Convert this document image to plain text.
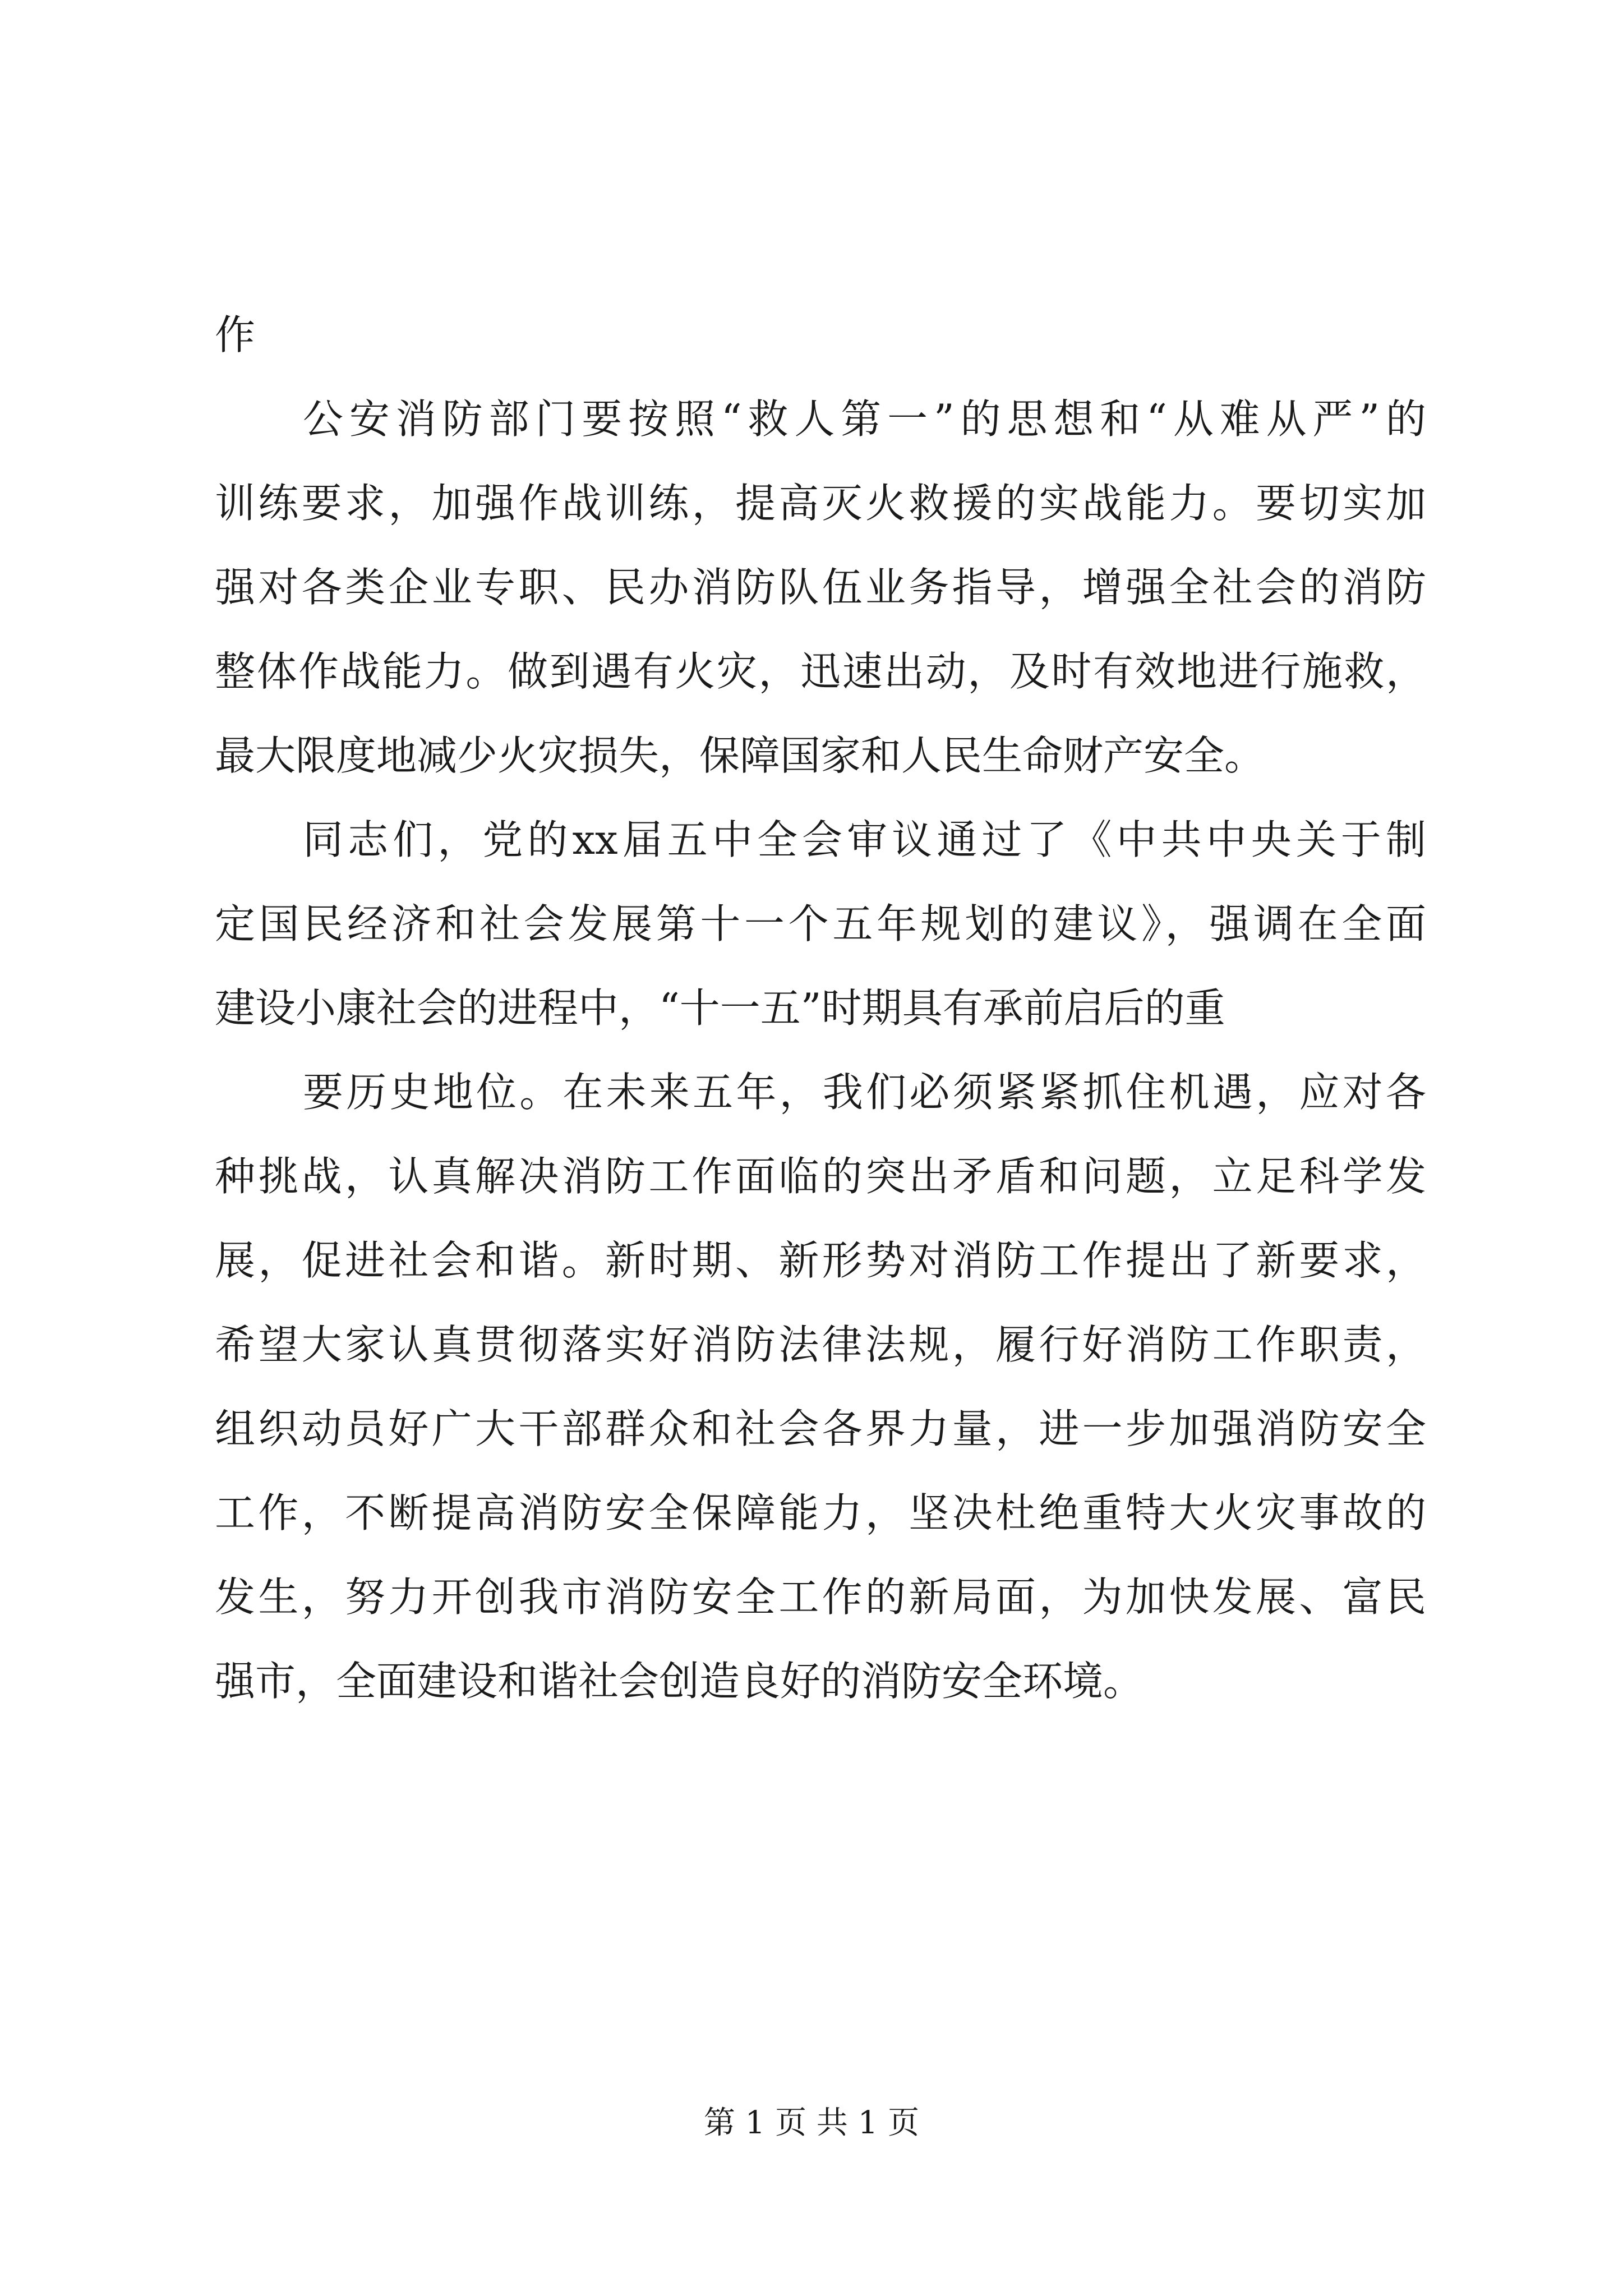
作
公安消防部门要按照“救人第一”的思想和“从难从严”的
训练要求，加强作战训练，提高灭火救援的实战能力。要切实加
强对各类企业专职、民办消防队伍业务指导，增强全社会的消防
整体作战能力。做到遇有火灾，迅速出动，及时有效地进行施救，
最大限度地减少火灾损失，保障国家和人民生命财产安全。
同志们，党的xx届五中全会审议通过了《中共中央关于制
定国民经济和社会发展第十一个五年规划的建议》，强调在全面
建设小康社会的进程中，“十一五”时期具有承前启后的重
要历史地位。在未来五年，我们必须紧紧抓住机遇，应对各
种挑战，认真解决消防工作面临的突出矛盾和问题，立足科学发
展，促进社会和谐。新时期、新形势对消防工作提出了新要求，
希望大家认真贯彻落实好消防法律法规，履行好消防工作职责，
组织动员好广大干部群众和社会各界力量，进一步加强消防安全
工作，不断提高消防安全保障能力，坚决杜绝重特大火灾事故的
发生，努力开创我市消防安全工作的新局面，为加快发展、富民
强市，全面建设和谐社会创造良好的消防安全环境。
第 1 页 共 1 页
